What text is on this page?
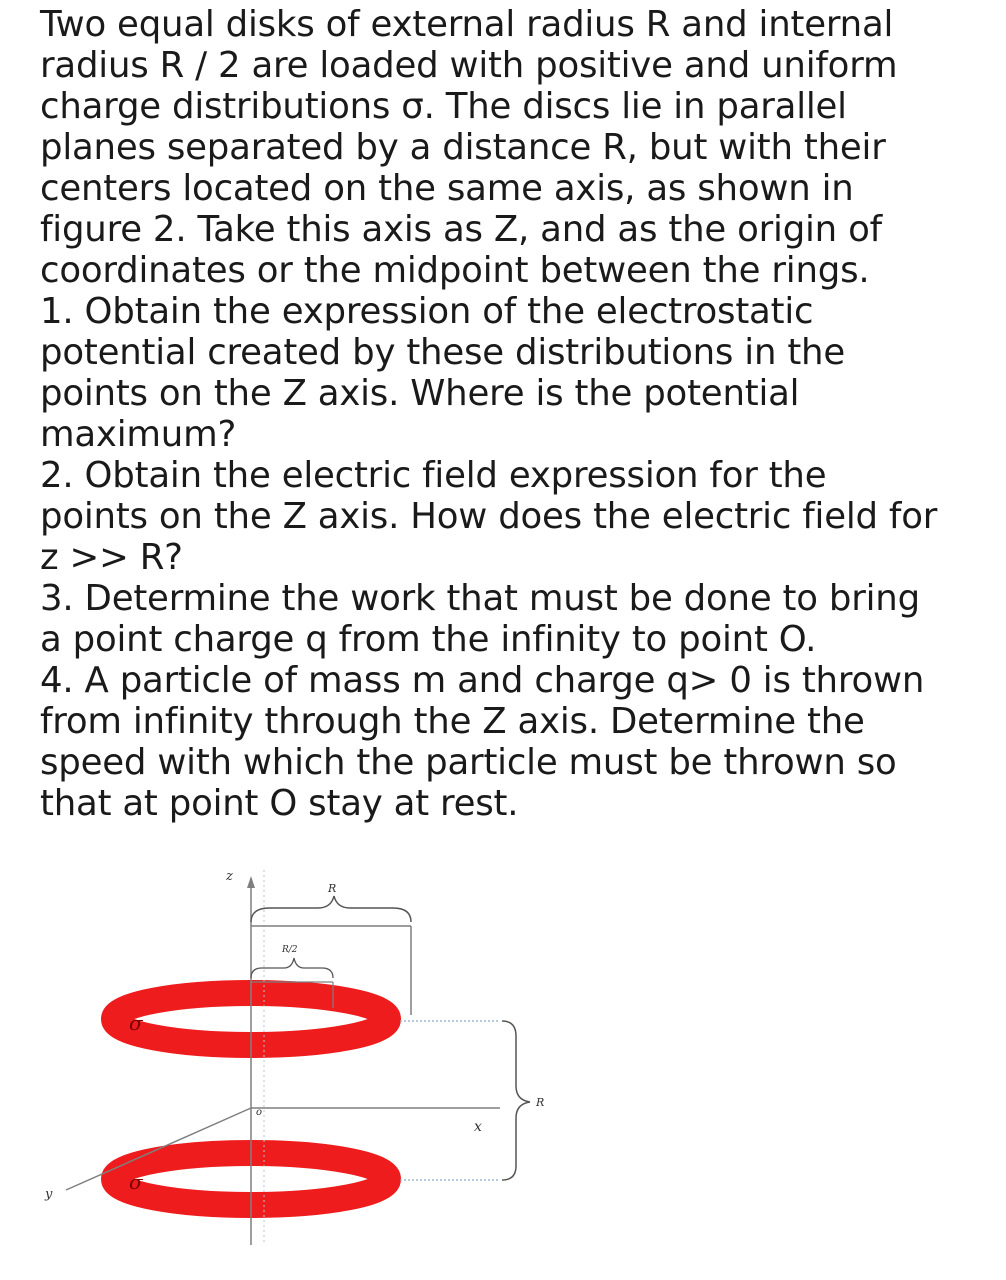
Two equal disks of external radius R and internal
radius R / 2 are loaded with positive and uniform
charge distributions σ. The discs lie in parallel
planes separated by a distance R, but with their
centers located on the same axis, as shown in
figure 2. Take this axis as Z, and as the origin of
coordinates or the midpoint between the rings.
1. Obtain the expression of the electrostatic
potential created by these distributions in the
points on the Z axis. Where is the potential
maximum?
2. Obtain the electric field expression for the
points on the Z axis. How does the electric field for
z >> R?
3. Determine the work that must be done to bring
a point charge q from the infinity to point O.
4. A particle of mass m and charge q> 0 is thrown
from infinity through the Z axis. Determine the
speed with which the particle must be thrown so
that at point O stay at rest.
z
R
R/2
σ
σ
o
x
y
R
